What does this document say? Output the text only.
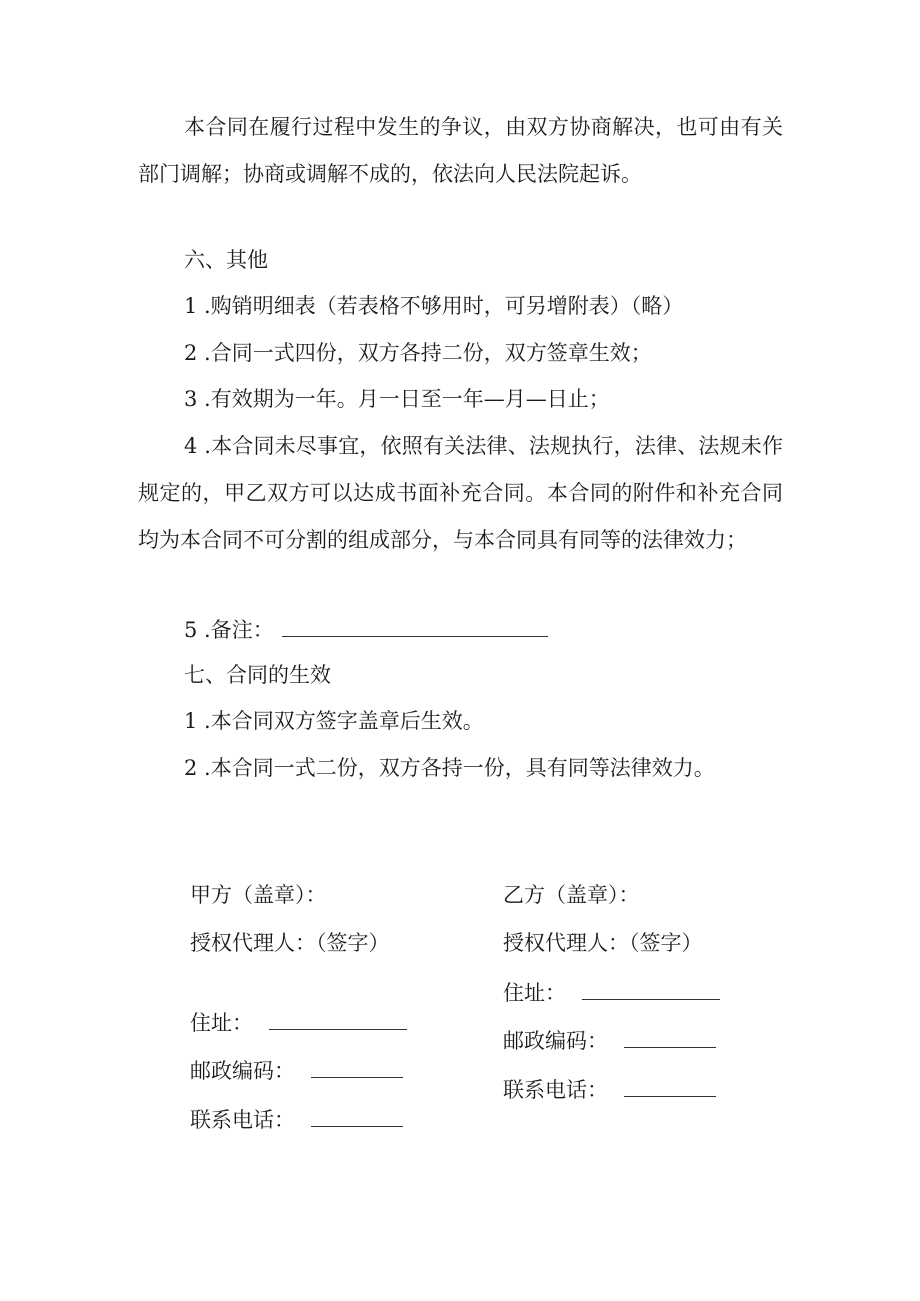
本合同在履行过程中发生的争议，由双方协商解决，也可由有关部门调解；协商或调解不成的，依法向人民法院起诉。

六、其他

1 .购销明细表（若表格不够用时，可另增附表）（略）

2 .合同一式四份，双方各持二份，双方签章生效；

3 .有效期为一年。月一日至一年—月—日止；

4 .本合同未尽事宜，依照有关法律、法规执行，法律、法规未作规定的，甲乙双方可以达成书面补充合同。本合同的附件和补充合同均为本合同不可分割的组成部分，与本合同具有同等的法律效力；

5 .备注：

七、合同的生效

1 .本合同双方签字盖章后生效。

2 .本合同一式二份，双方各持一份，具有同等法律效力。

甲方（盖章）：

授权代理人：（签字）

住址：

邮政编码：

联系电话：

乙方（盖章）：

授权代理人：（签字）

住址：

邮政编码：

联系电话：
